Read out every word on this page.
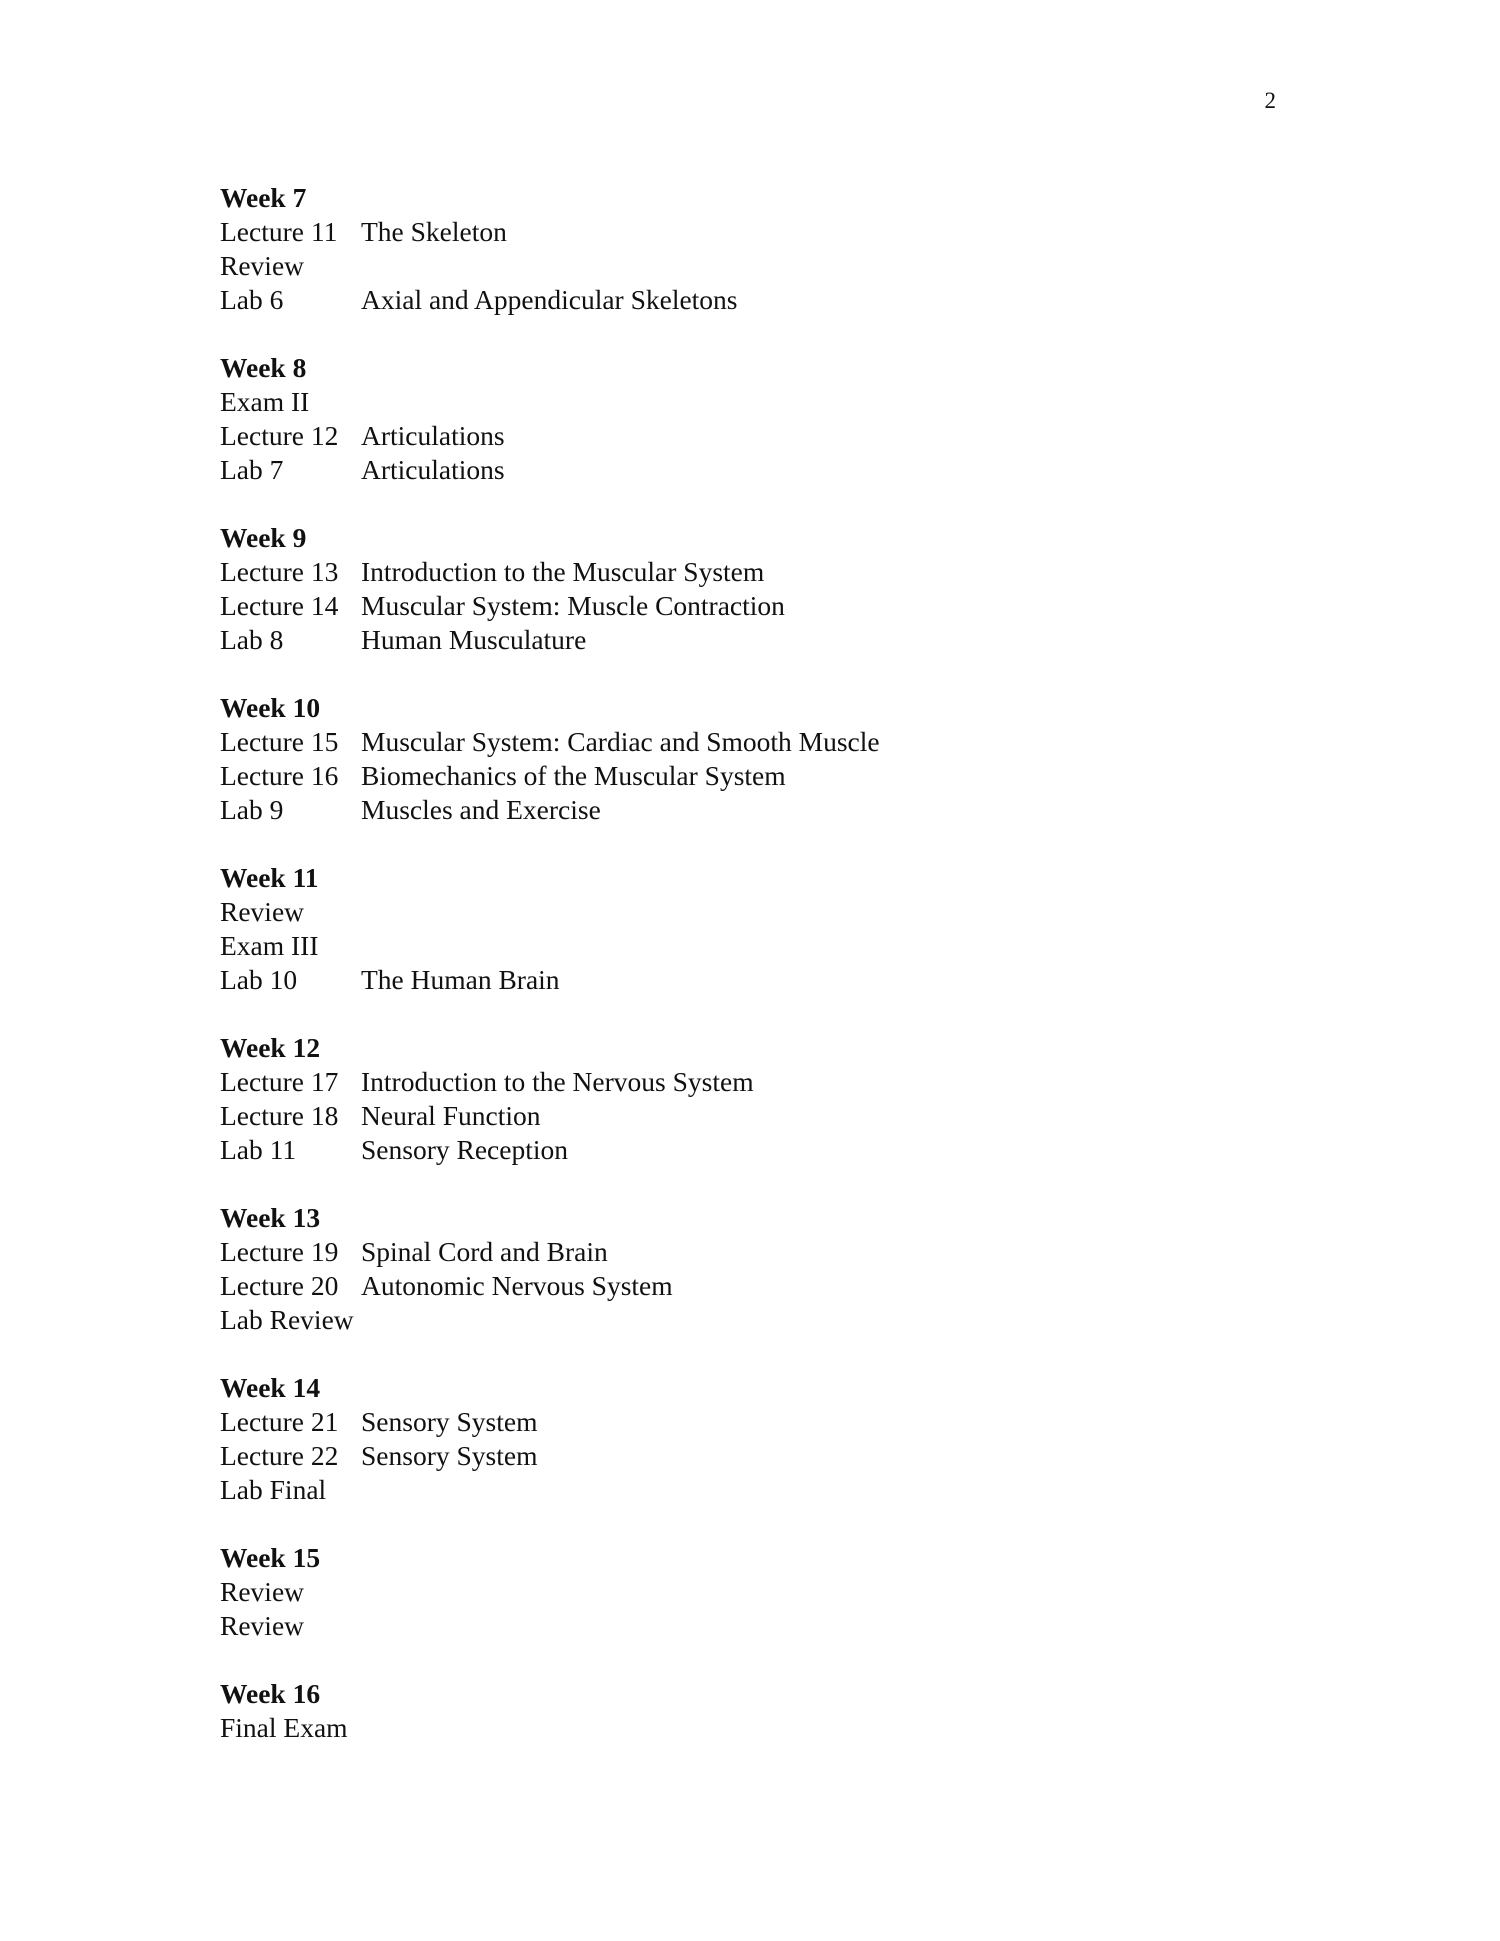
2
Week 7
Lecture 11 The Skeleton
Review
Lab 6	Axial and Appendicular Skeletons
Week 8
Exam II
Lecture 12 Articulations
Lab 7	Articulations
Week 9
Lecture 13 Introduction to the Muscular System
Lecture 14 Muscular System: Muscle Contraction
Lab 8	Human Musculature
Week 10
Lecture 15 Muscular System: Cardiac and Smooth Muscle
Lecture 16 Biomechanics of the Muscular System
Lab 9	Muscles and Exercise
Week 11
Review
Exam III
Lab 10	The Human Brain
Week 12
Lecture 17 Introduction to the Nervous System
Lecture 18 Neural Function
Lab 11	Sensory Reception
Week 13
Lecture 19 Spinal Cord and Brain
Lecture 20 Autonomic Nervous System
Lab Review
Week 14
Lecture 21 Sensory System
Lecture 22 Sensory System
Lab Final
Week 15
Review
Review
Week 16
Final Exam
